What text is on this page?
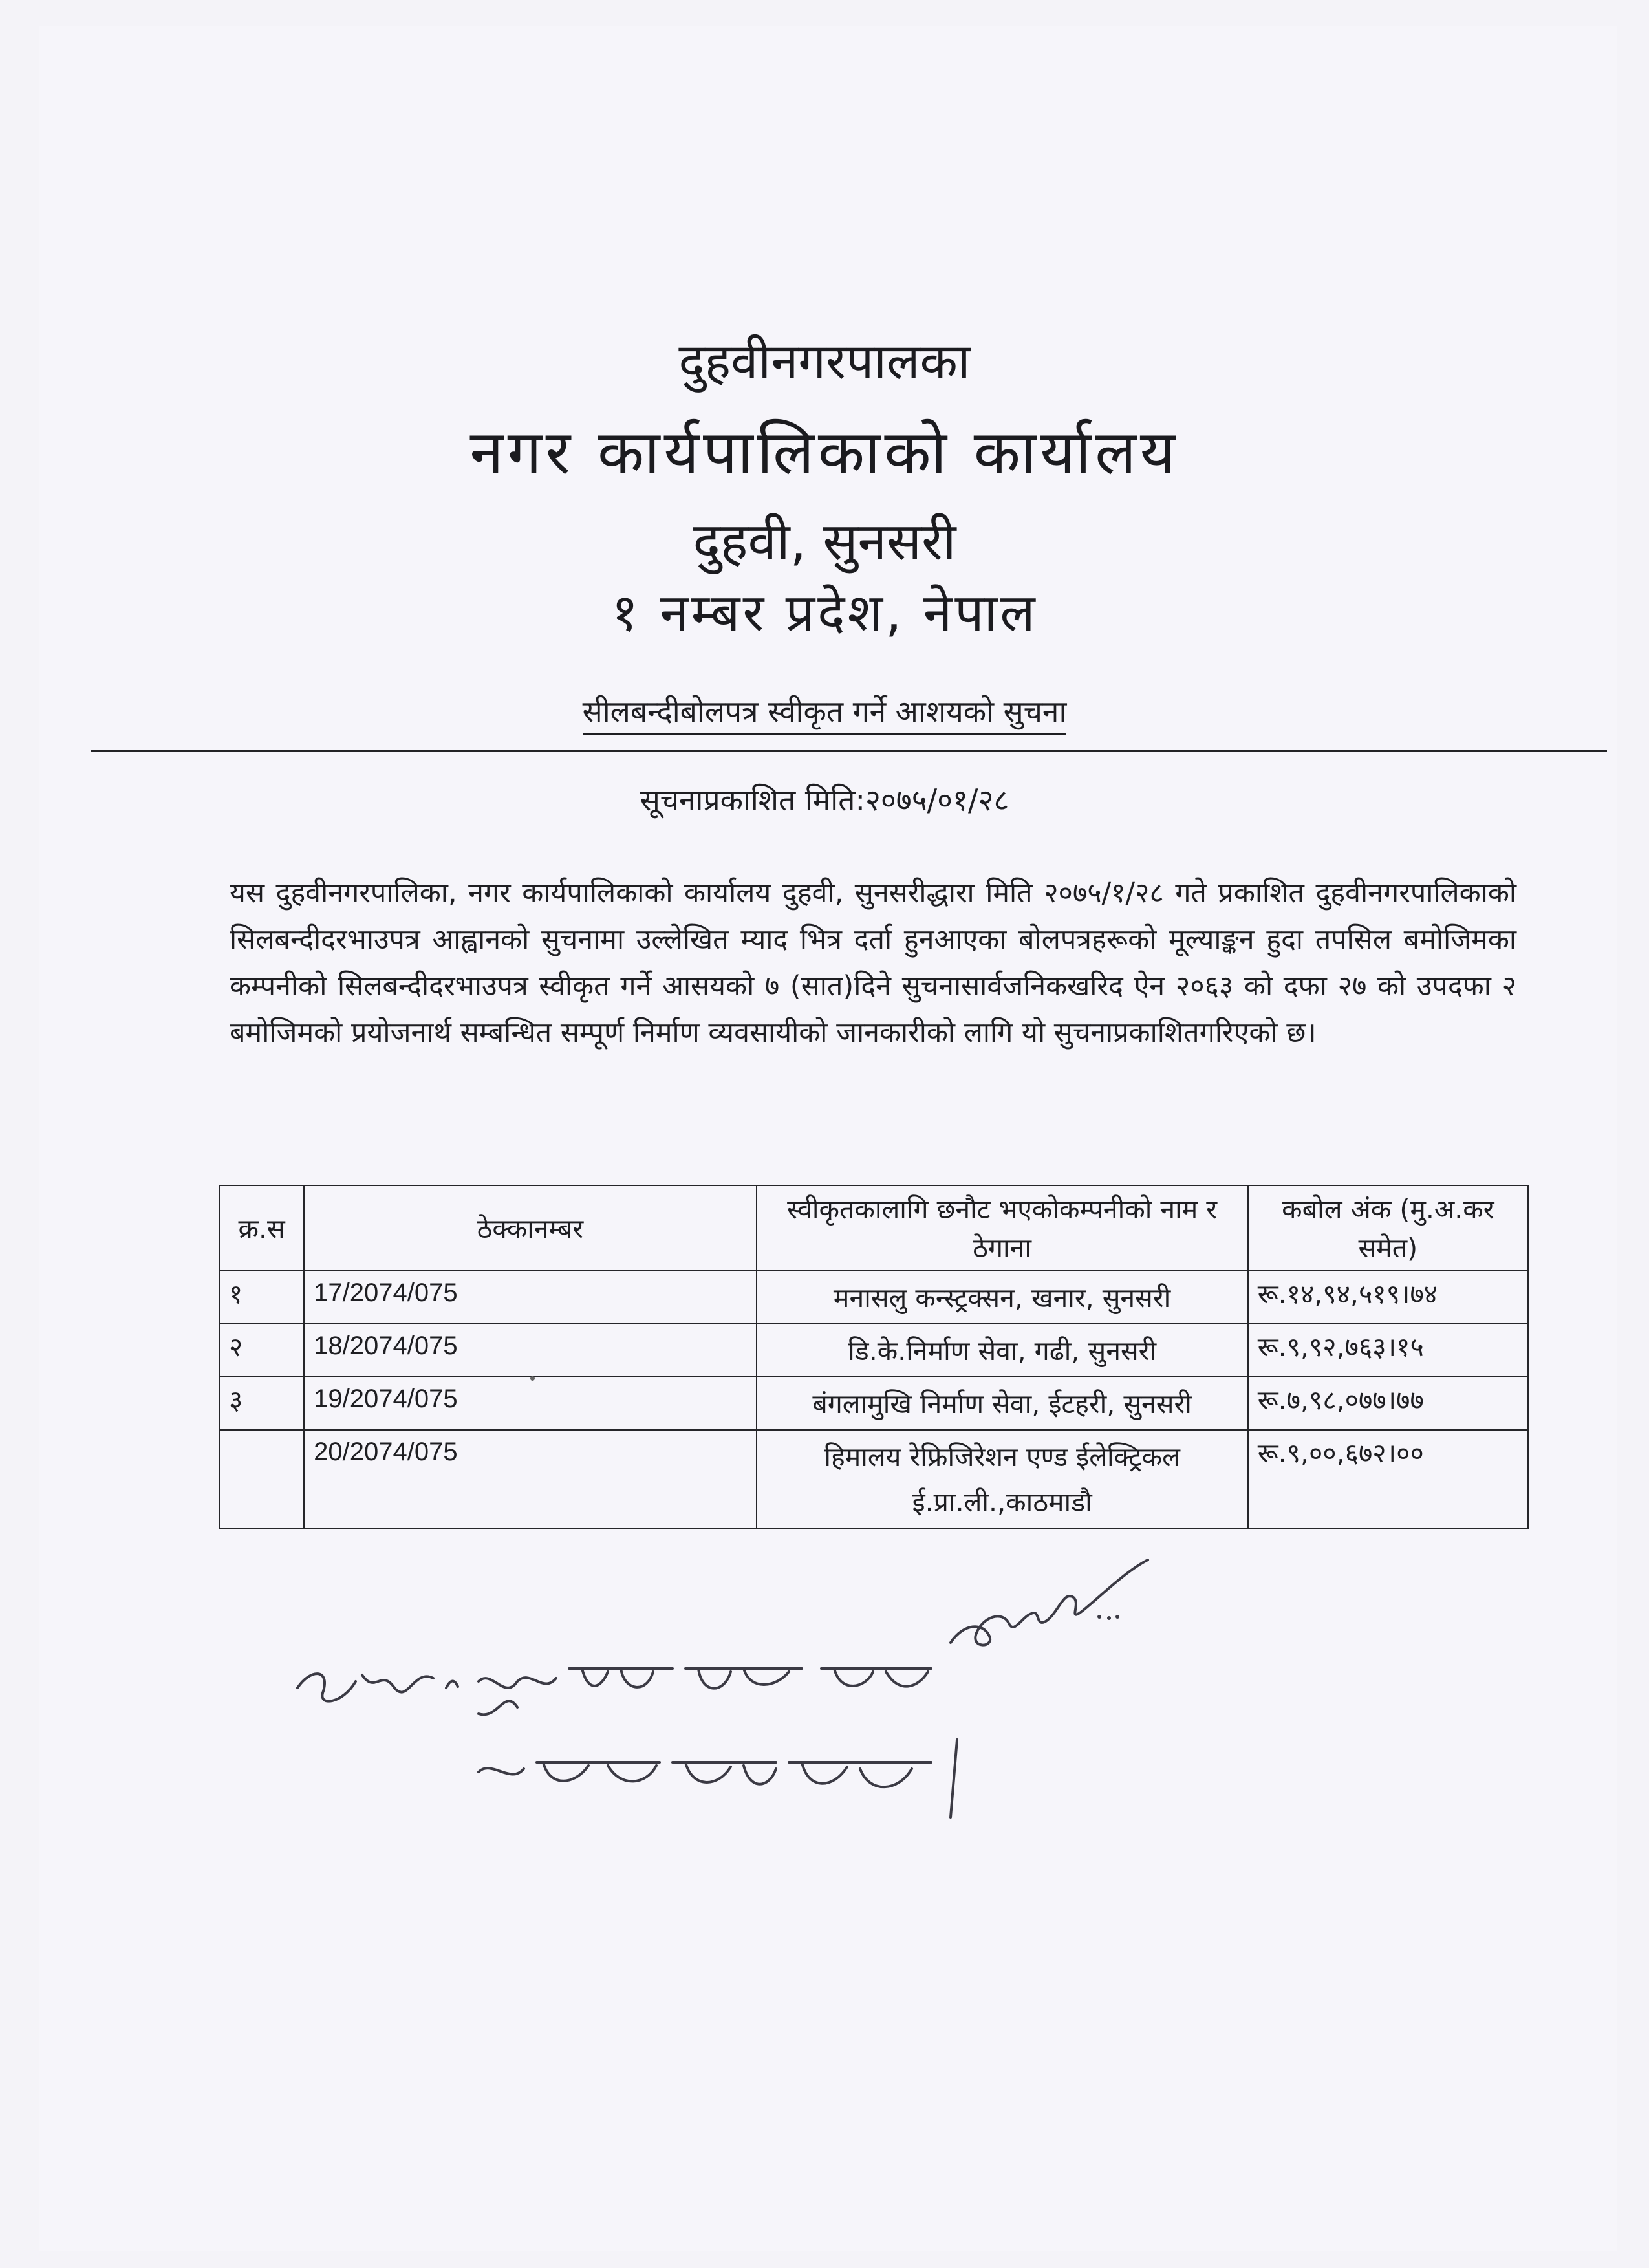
दुहवीनगरपालका
नगर कार्यपालिकाको कार्यालय
दुहवी, सुनसरी
१ नम्बर प्रदेश, नेपाल
सीलबन्दीबोलपत्र स्वीकृत गर्ने आशयको सुचना
सूचनाप्रकाशित मिति:२०७५/०१/२८
यस दुहवीनगरपालिका, नगर कार्यपालिकाको कार्यालय दुहवी, सुनसरीद्धारा मिति २०७५/१/२८ गते प्रकाशित दुहवीनगरपालिकाको सिलबन्दीदरभाउपत्र आह्वानको सुचनामा उल्लेखित म्याद भित्र दर्ता हुनआएका बोलपत्रहरूको मूल्याङ्कन हुदा तपसिल बमोजिमका कम्पनीको सिलबन्दीदरभाउपत्र स्वीकृत गर्ने आसयको ७ (सात)दिने सुचनासार्वजनिकखरिद ऐन २०६३ को दफा २७ को उपदफा २ बमोजिमको प्रयोजनार्थ सम्बन्धित सम्पूर्ण निर्माण व्यवसायीको जानकारीको लागि यो सुचनाप्रकाशितगरिएको छ।
क्र.स	ठेक्कानम्बर	स्वीकृतकालागि छनौट भएकोकम्पनीको नाम र ठेगाना	कबोल अंक (मु.अ.कर समेत)
१	17/2074/075	मनासलु कन्स्ट्रक्सन, खनार, सुनसरी	रू.१४,९४,५१९।७४
२	18/2074/075	डि.के.निर्माण सेवा, गढी, सुनसरी	रू.९,९२,७६३।१५
३	19/2074/075	बंगलामुखि निर्माण सेवा, ईटहरी, सुनसरी	रू.७,९८,०७७।७७
	20/2074/075	हिमालय रेफ्रिजिरेशन एण्ड ईलेक्ट्रिकल ई.प्रा.ली.,काठमाडौ	रू.९,००,६७२।००
